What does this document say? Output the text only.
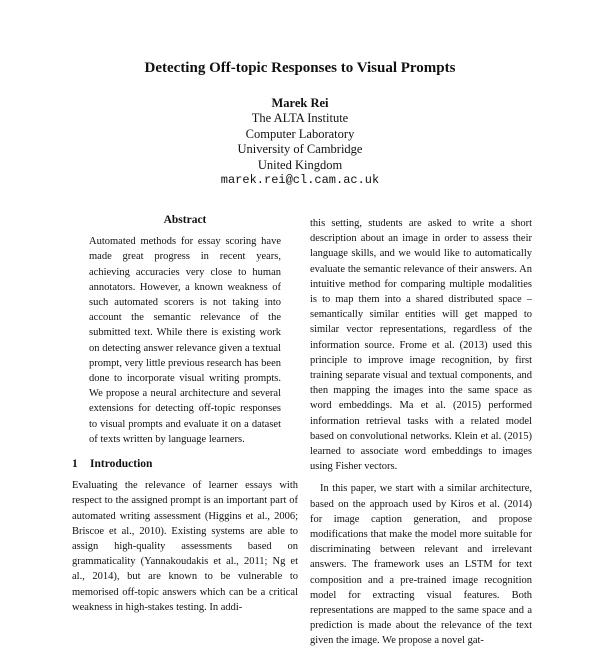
Detecting Off-topic Responses to Visual Prompts
Marek Rei
The ALTA Institute
Computer Laboratory
University of Cambridge
United Kingdom
marek.rei@cl.cam.ac.uk
Abstract

Automated methods for essay scoring have made great progress in recent years, achieving accuracies very close to human annotators. However, a known weakness of such automated scorers is not taking into account the semantic relevance of the submitted text. While there is existing work on detecting answer relevance given a textual prompt, very little previous research has been done to incorporate visual writing prompts. We propose a neural architecture and several extensions for detecting off-topic responses to visual prompts and evaluate it on a dataset of texts written by language learners.

1 Introduction

Evaluating the relevance of learner essays with respect to the assigned prompt is an important part of automated writing assessment (Higgins et al., 2006; Briscoe et al., 2010). Existing systems are able to assign high-quality assessments based on grammaticality (Yannakoudakis et al., 2011; Ng et al., 2014), but are known to be vulnerable to memorised off-topic answers which can be a critical weakness in high-stakes testing. In addi-

this setting, students are asked to write a short description about an image in order to assess their language skills, and we would like to automatically evaluate the semantic relevance of their answers. An intuitive method for comparing multiple modalities is to map them into a shared distributed space – semantically similar entities will get mapped to similar vector representations, regardless of the information source. Frome et al. (2013) used this principle to improve image recognition, by first training separate visual and textual components, and then mapping the images into the same space as word embeddings. Ma et al. (2015) performed information retrieval tasks with a related model based on convolutional networks. Klein et al. (2015) learned to associate word embeddings to images using Fisher vectors.

In this paper, we start with a similar architecture, based on the approach used by Kiros et al. (2014) for image caption generation, and propose modifications that make the model more suitable for discriminating between relevant and irrelevant answers. The framework uses an LSTM for text composition and a pre-trained image recognition model for extracting visual features. Both representations are mapped to the same space and a prediction is made about the relevance of the text given the image. We propose a novel gat-
